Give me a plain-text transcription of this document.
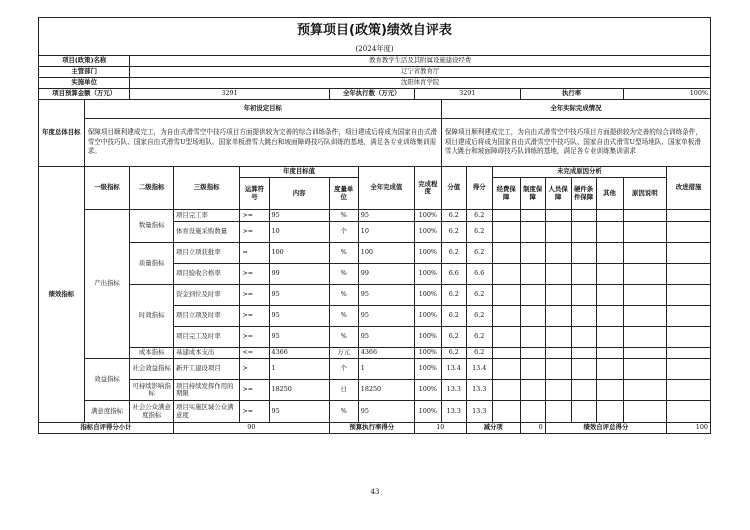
预算项目(政策)绩效自评表																	
(2024年度)																	
项目(政策)名称		教育教学生活及其附属设施建设经费															
主管部门		辽宁省教育厅															
实施单位		沈阳体育学院															
项目预算金额（万元）		3291				全年执行数（万元）		3291				执行率				100%	
年度总体目标	年初设定目标								全年实际完成情况								
	保障项目顺利建成完工，为自由式滑雪空中技巧项目方面提供较为完善的综合训练条件，项目建成后将成为国家自由式滑雪空中技巧队、国家自由式滑雪U型场地队、国家单板滑雪大跳台和坡面障碍技巧队训练的基地，满足各专业训练集训需求。								保障项目顺利建成完工，为自由式滑雪空中技巧项目方面提供较为完善的综合训练条件，项目建成后将成为国家自由式滑雪空中技巧队、国家自由式滑雪U型场地队、国家单板滑雪大跳台和坡面障碍技巧队训练的基地，满足各专业训练集训需求								
绩效指标	一级指标	二级指标	三级指标	年度目标值			全年完成值	完成程度	分值	得分	未完成原因分析						改进措施
				运算符号	内容	度量单位					经费保障	制度保障	人员保障	硬件条件保障	其他	原因说明	

	产出指标	数量指标	项目完工率	>=	95	%	95	100%	6.2	6.2							
			体育设施采购数量	>=	10	个	10	100%	6.2	6.2							
		质量指标	项目立项获批率	=	100	%	100	100%	6.2	6.2							
			项目验收合格率	>=	99	%	99	100%	6.6	6.6							
		时效指标	资金到位及时率	>=	95	%	95	100%	6.2	6.2							
			项目立项及时率	>=	95	%	95	100%	6.2	6.2							
			项目完工及时率	>=	95	%	95	100%	6.2	6.2							
		成本指标	基建成本支出	<=	4366	万元	4366	100%	6.2	6.2							
	效益指标	社会效益指标	新开工建设项目	>	1	个	1	100%	13.4	13.4							
		可持续影响指标	项目持续发挥作用的期限	>=	18250	日	18250	100%	13.3	13.3							
	满意度指标	社会公众满意度指标	项目实施区域公众满意度	>=	95	%	95	100%	13.3	13.3							
指标自评得分小计			90			预算执行率得分		10		减分项		0	绩效自评总得分				100
43
